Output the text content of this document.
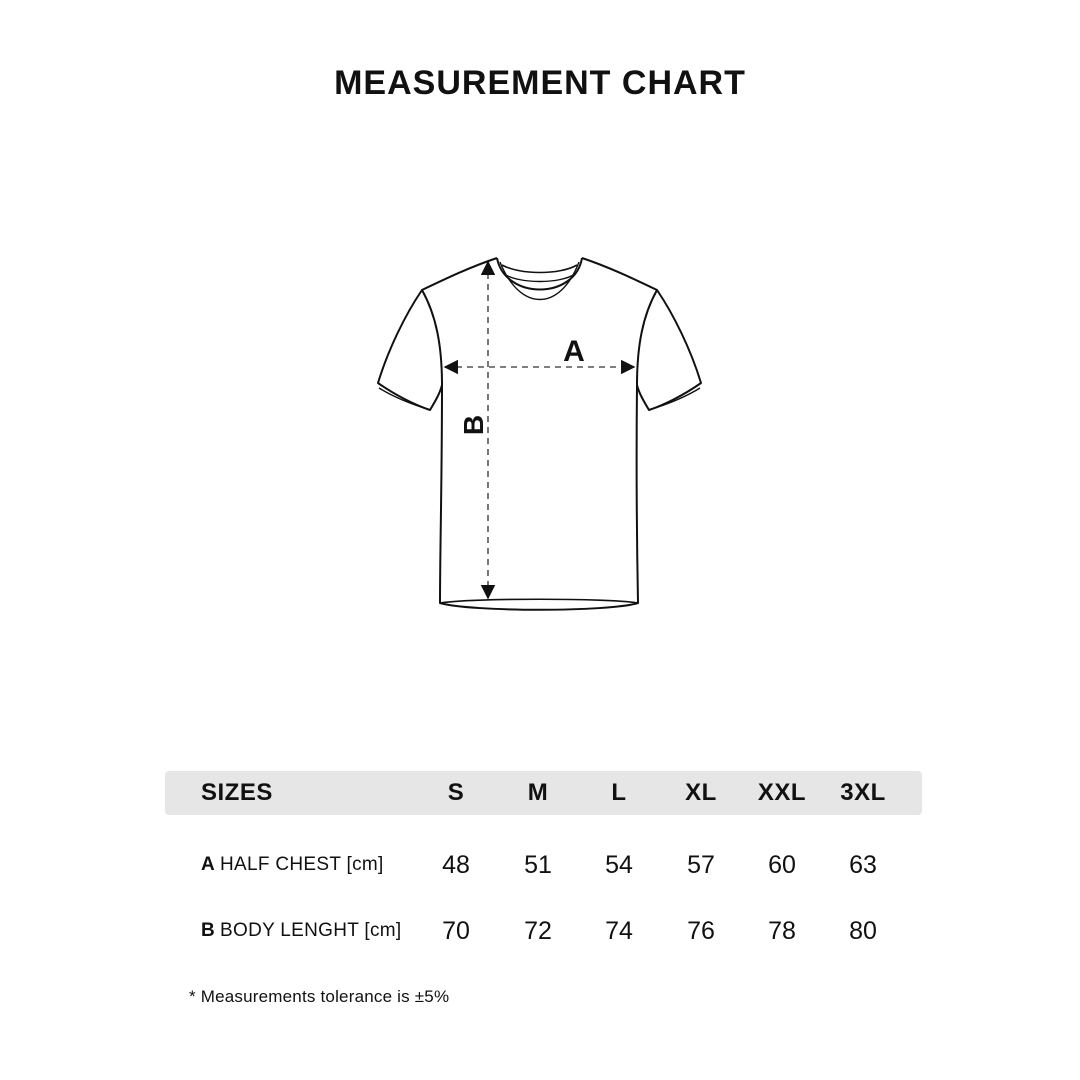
MEASUREMENT CHART
A
B
SIZES	S	M	L	XL	XXL	3XL
A HALF CHEST [cm]	48	51	54	57	60	63
B BODY LENGHT [cm]	70	72	74	76	78	80
* Measurements tolerance is ±5%
